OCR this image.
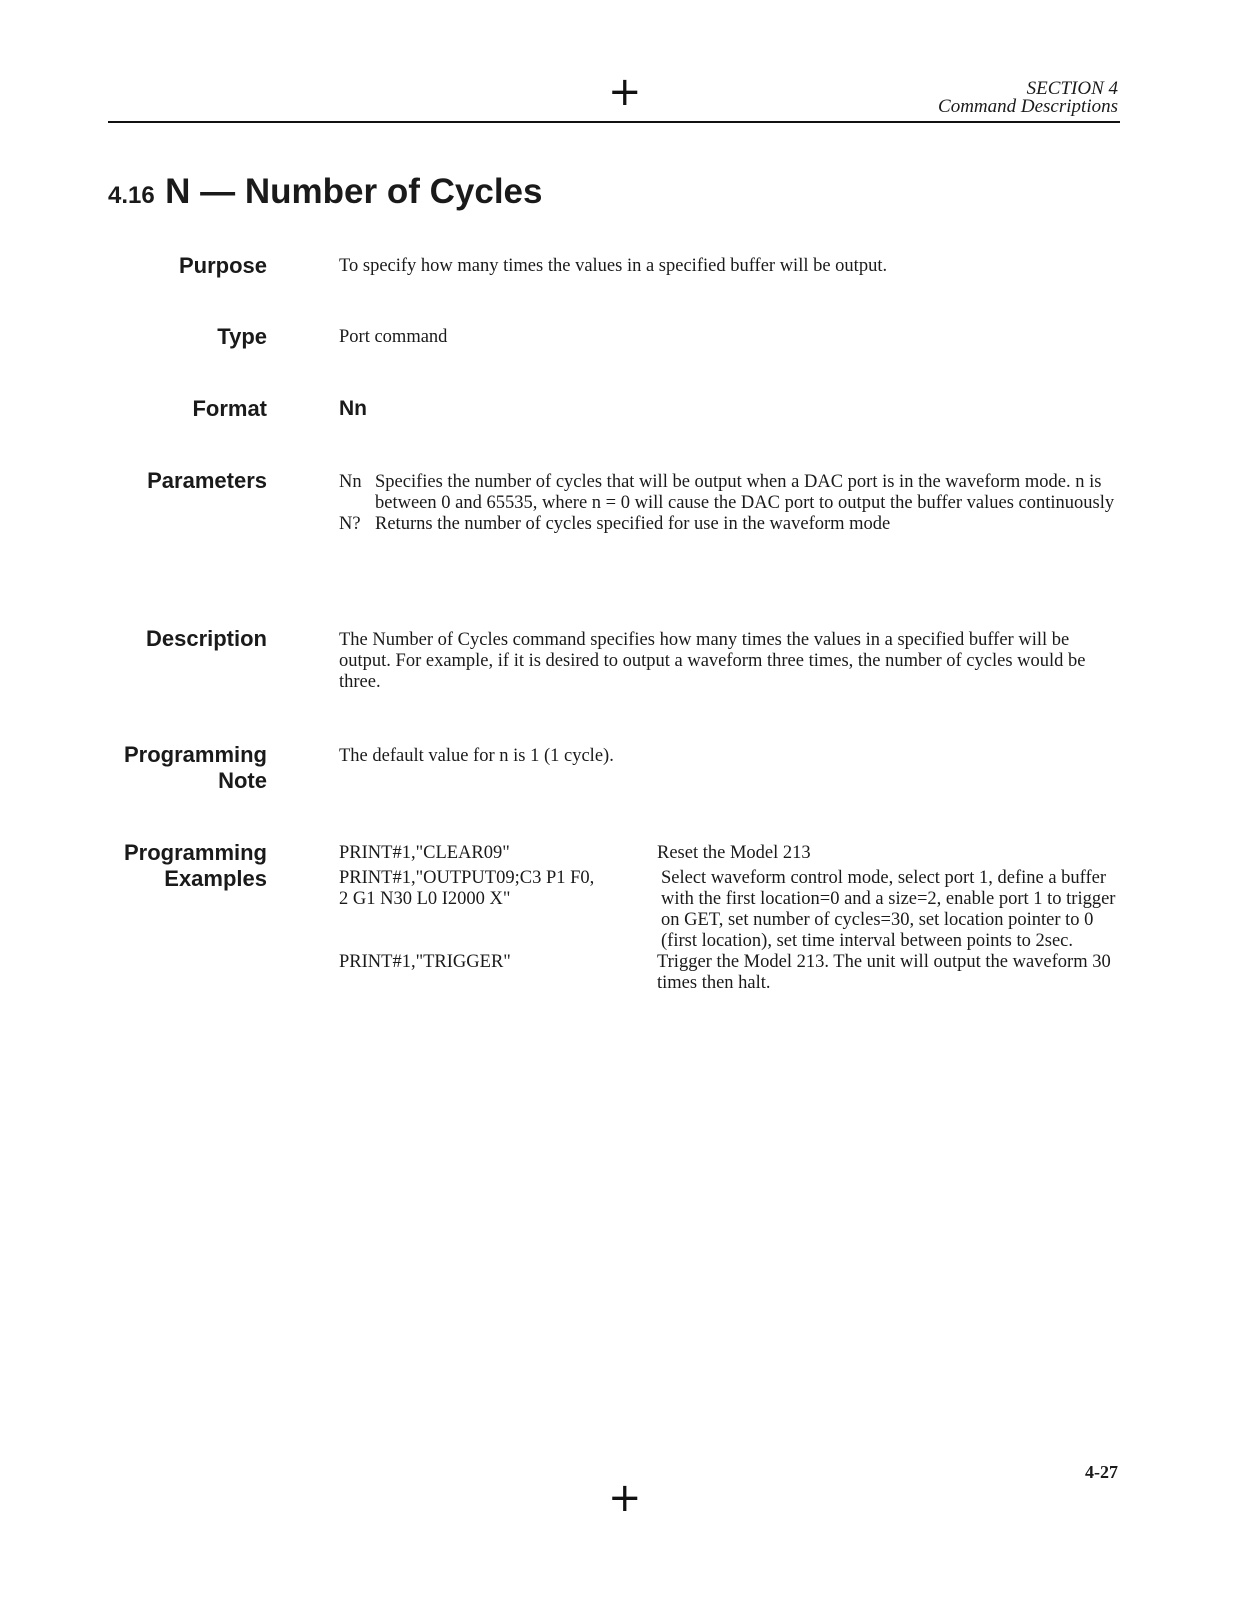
+	SECTION 4
Command Descriptions
4.16 N — Number of Cycles
Purpose	To specify how many times the values in a specified buffer will be output.
Type	Port command
Format	Nn
Parameters	Nn Specifies the number of cycles that will be output when a DAC port is in the waveform mode. n is between 0 and 65535, where n = 0 will cause the DAC port to output the buffer values continuously
N? Returns the number of cycles specified for use in the waveform mode
Description	The Number of Cycles command specifies how many times the values in a specified buffer will be output. For example, if it is desired to output a waveform three times, the number of cycles would be three.
Programming
Note
The default value for n is 1 (1 cycle).
Programming
Examples
PRINT#1,"CLEAR09"	Reset the Model 213
PRINT#1,"OUTPUT09;C3 P1 F0,
2 G1 N30 L0 I2000 X"
Select waveform control mode, select port 1, define a buffer with the first location=0 and a size=2, enable port 1 to trigger on GET, set number of cycles=30, set location pointer to 0 (first location), set time interval between points to 2sec.
PRINT#1,"TRIGGER"	Trigger the Model 213. The unit will output the waveform 30 times then halt.
+
4-27
